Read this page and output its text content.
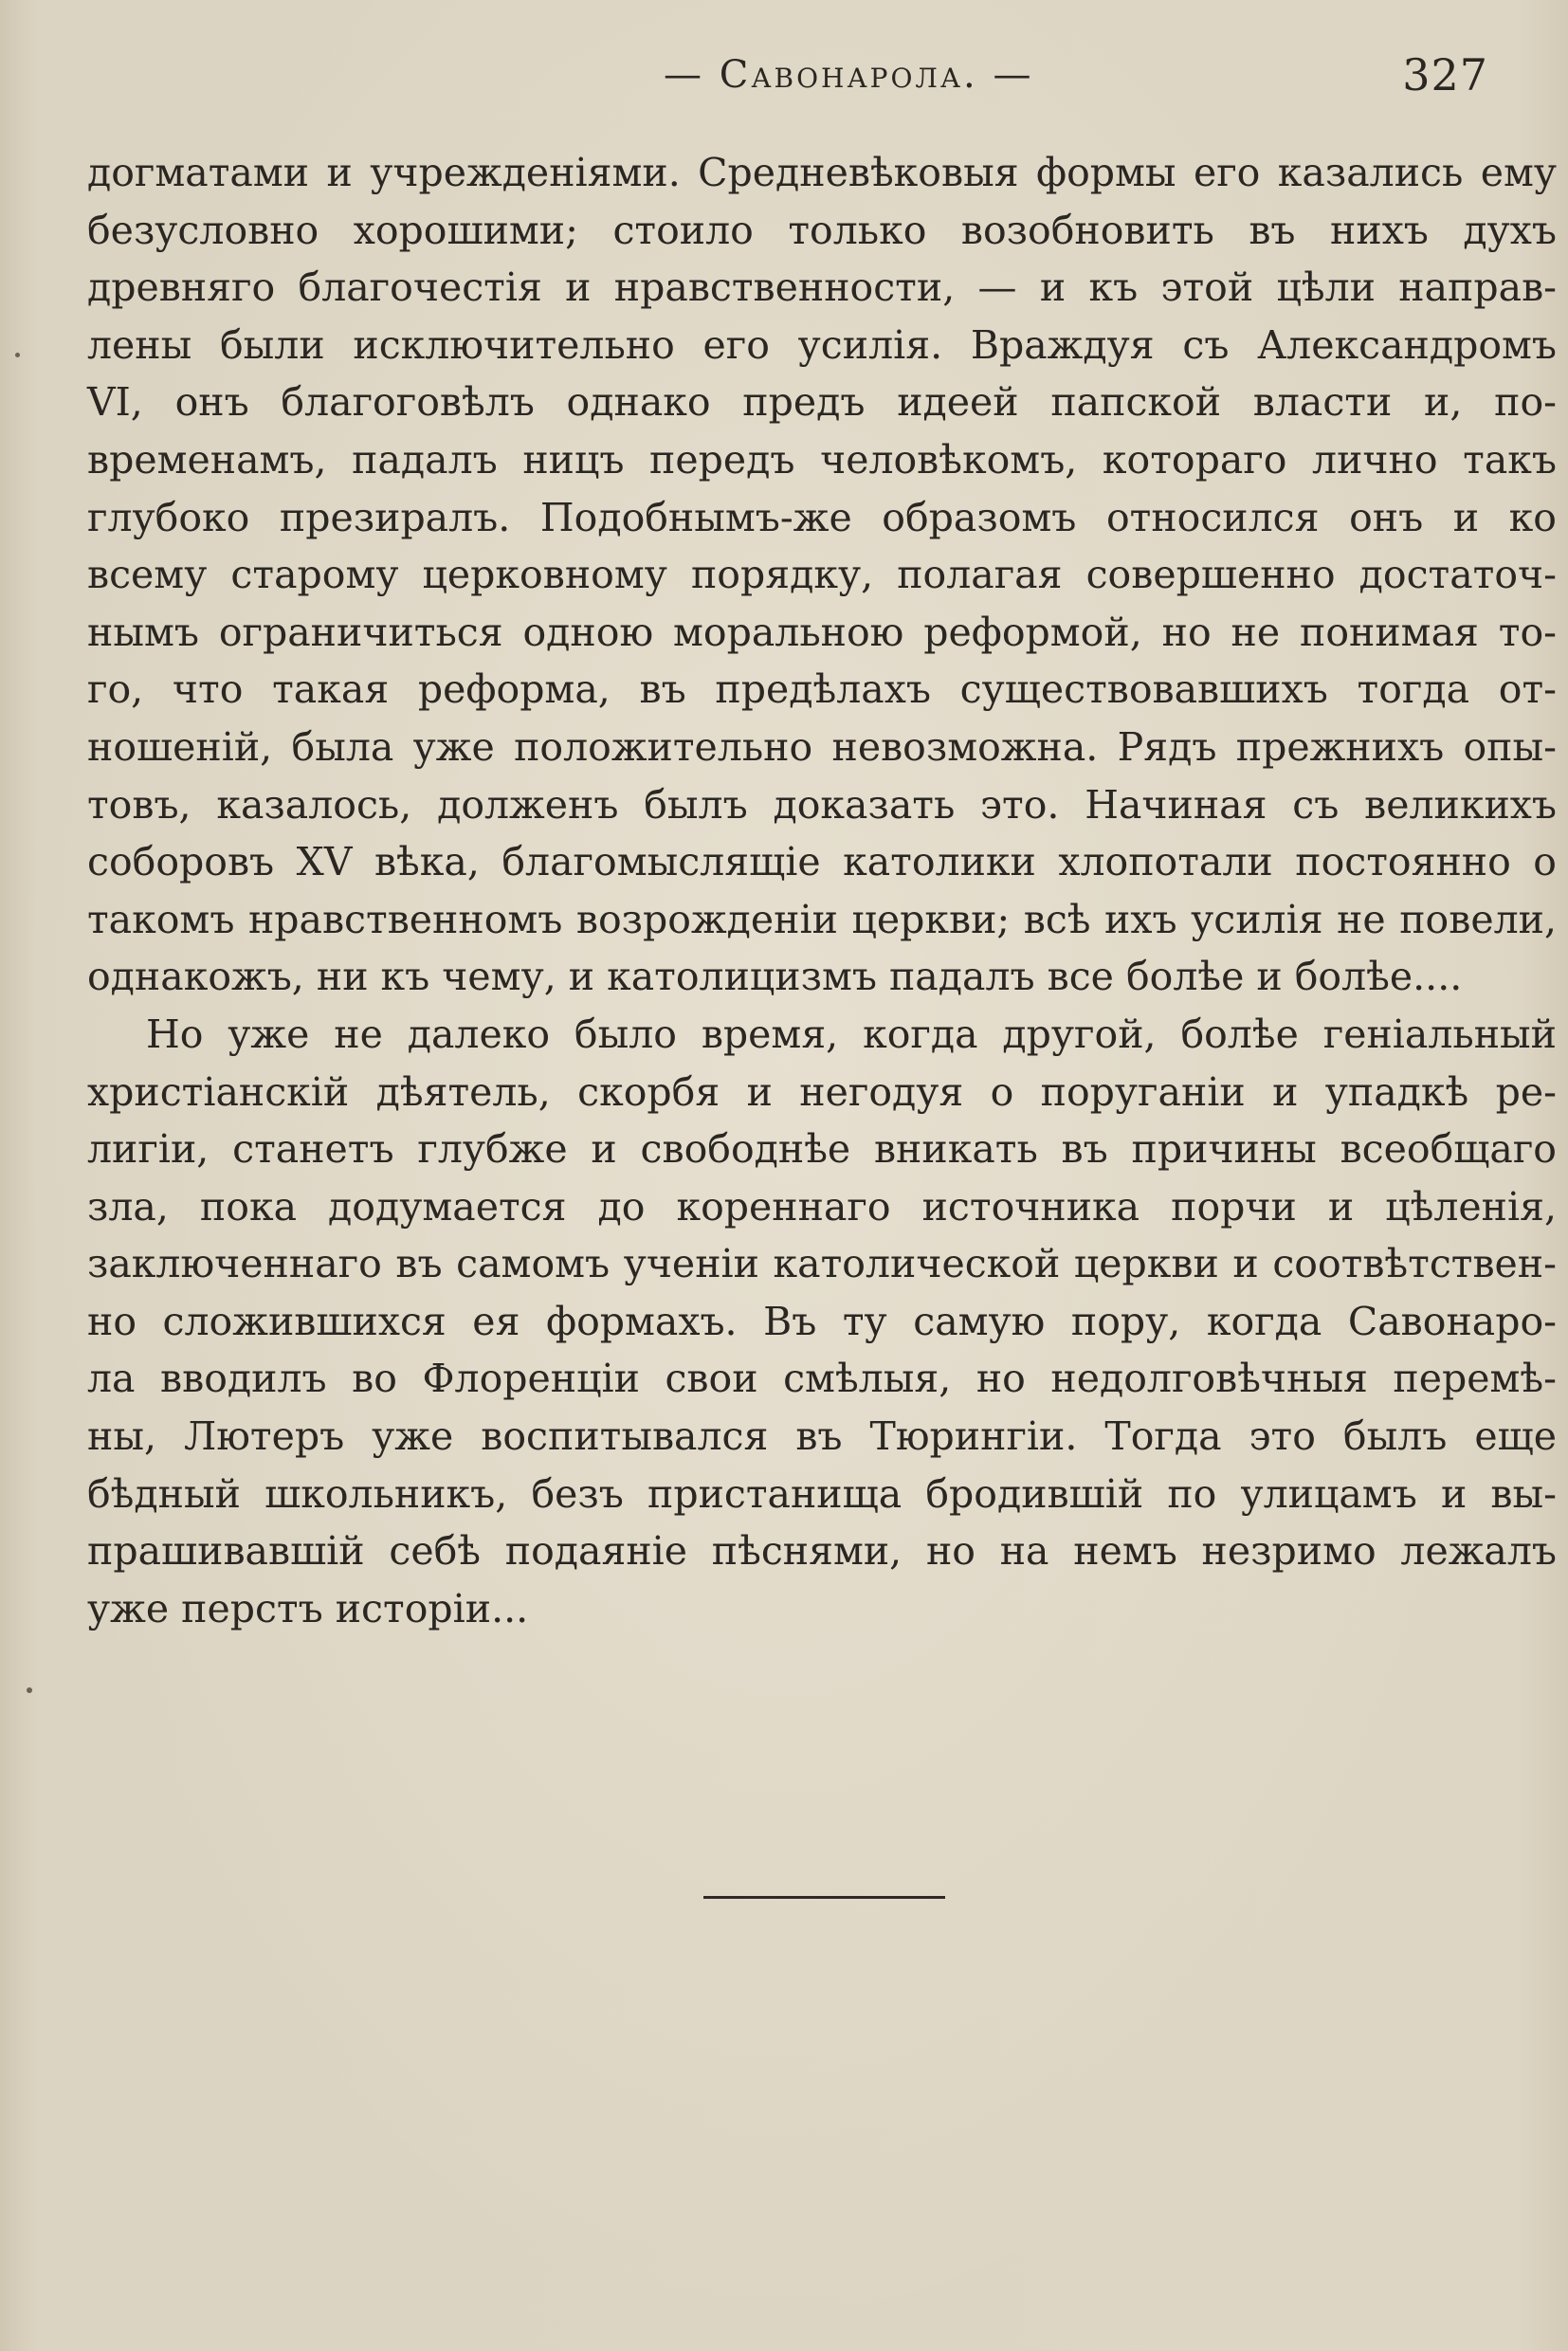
— Савонарола. —	327
догматами и учрежденiями. Средневѣковыя формы его казались ему
безусловно хорошими; стоило только возобновить въ нихъ духъ
древняго благочестiя и нравственности, — и къ этой цѣли направ-
лены были исключительно его усилiя. Враждуя съ Александромъ
VI, онъ благоговѣлъ однако предъ идеей папской власти и, по-
временамъ, падалъ ницъ передъ человѣкомъ, котораго лично такъ
глубоко презиралъ. Подобнымъ-же образомъ относился онъ и ко
всему старому церковному порядку, полагая совершенно достаточ-
нымъ ограничиться одною моральною реформой, но не понимая то-
го, что такая реформа, въ предѣлахъ существовавшихъ тогда от-
ношенiй, была уже положительно невозможна. Рядъ прежнихъ опы-
товъ, казалось, долженъ былъ доказать это. Начиная съ великихъ
соборовъ XV вѣка, благомыслящiе католики хлопотали постоянно о
такомъ нравственномъ возрожденiи церкви; всѣ ихъ усилiя не повели,
однакожъ, ни къ чему, и католицизмъ падалъ все болѣе и болѣе....
Но уже не далеко было время, когда другой, болѣе генiальный
христiанскiй дѣятель, скорбя и негодуя о поруганiи и упадкѣ ре-
лигiи, станетъ глубже и свободнѣе вникать въ причины всеобщаго
зла, пока додумается до кореннаго источника порчи и цѣленiя,
заключеннаго въ самомъ ученiи католической церкви и соотвѣтствен-
но сложившихся ея формахъ. Въ ту самую пору, когда Савонаро-
ла вводилъ во Флоренцiи свои смѣлыя, но недолговѣчныя перемѣ-
ны, Лютеръ уже воспитывался въ Тюрингiи. Тогда это былъ еще
бѣдный школьникъ, безъ пристанища бродившiй по улицамъ и вы-
прашивавшiй себѣ подаянiе пѣснями, но на немъ незримо лежалъ
уже перстъ исторiи...
